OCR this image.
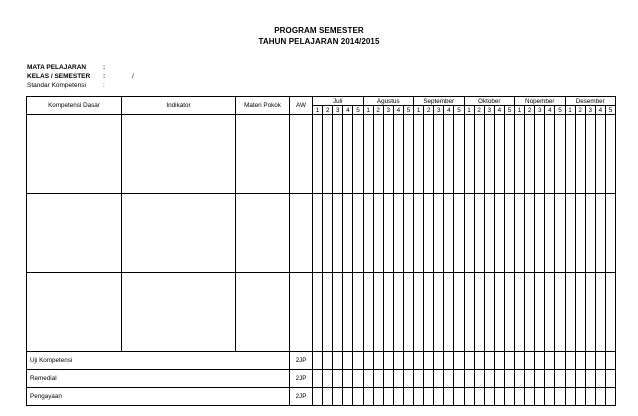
PROGRAM SEMESTER
TAHUN PELAJARAN 2014/2015
MATA PELAJARAN	:
KELAS / SEMESTER :	/
Standar Kompetensi	:
Kompetensi Dasar	Indikator	Materi Pokok	AW	Juli					Agustus					September					Oktober					Nopember					Desember				
				1	2	3	4	5	1	2	3	4	5	1	2	3	4	5	1	2	3	4	5	1	2	3	4	5	1	2	3	4	5

Uji Kompetensi			2JP																														
Remedial			2JP																														
Pengayaan			2JP																														
